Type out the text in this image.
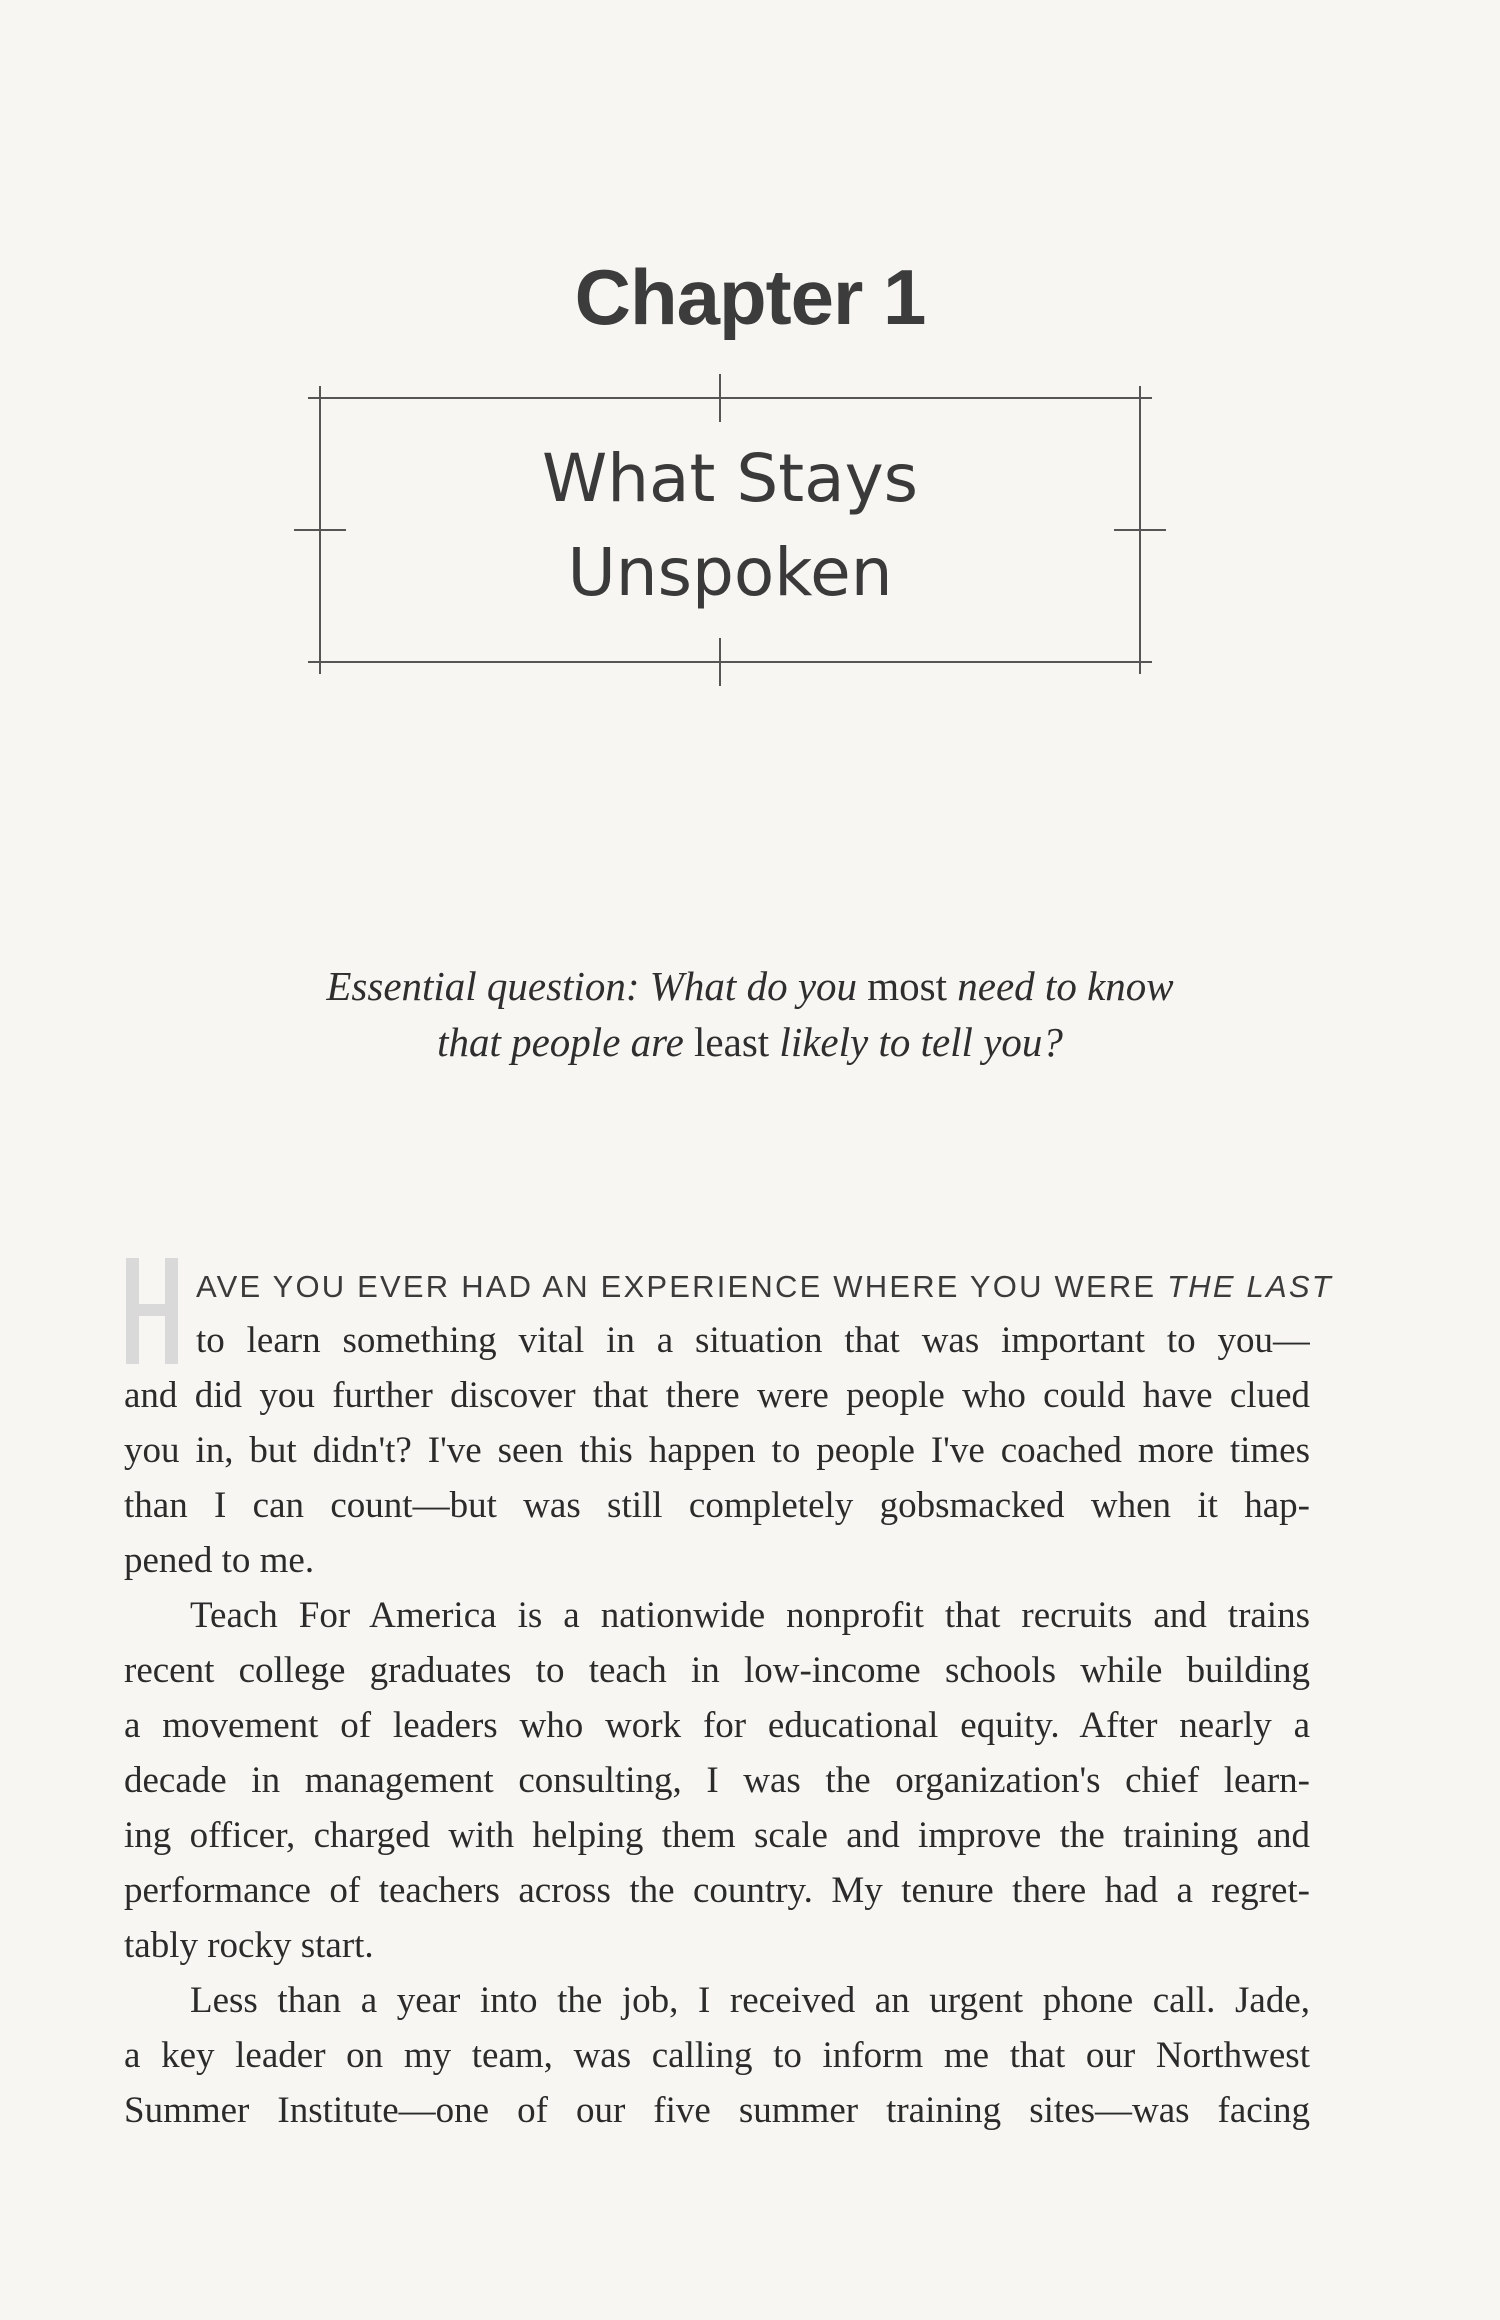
Chapter 1
What Stays
Unspoken
Essential question: What do you most need to know
that people are least likely to tell you?
AVE YOU EVER HAD AN EXPERIENCE WHERE YOU WERE THE LAST
to learn something vital in a situation that was important to you—
and did you further discover that there were people who could have clued
you in, but didn't? I've seen this happen to people I've coached more times
than I can count—but was still completely gobsmacked when it hap-
pened to me.
Teach For America is a nationwide nonprofit that recruits and trains
recent college graduates to teach in low-income schools while building
a movement of leaders who work for educational equity. After nearly a
decade in management consulting, I was the organization's chief learn-
ing officer, charged with helping them scale and improve the training and
performance of teachers across the country. My tenure there had a regret-
tably rocky start.
Less than a year into the job, I received an urgent phone call. Jade,
a key leader on my team, was calling to inform me that our Northwest
Summer Institute—one of our five summer training sites—was facing
